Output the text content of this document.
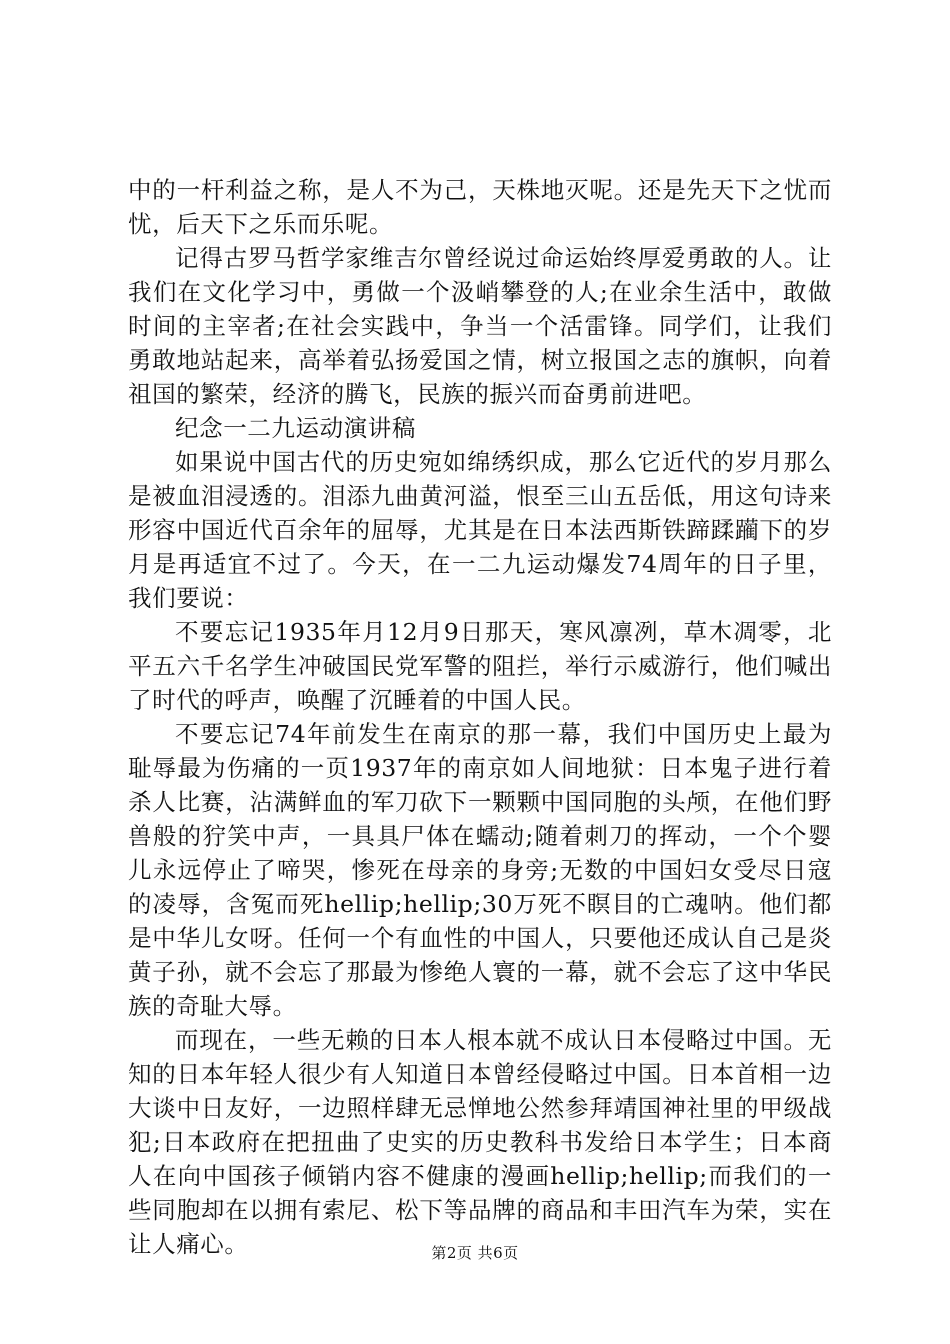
中的一杆利益之称，是人不为己，天株地灭呢。还是先天下之忧而忧，后天下之乐而乐呢。

记得古罗马哲学家维吉尔曾经说过命运始终厚爱勇敢的人。让我们在文化学习中，勇做一个汲峭攀登的人;在业余生活中，敢做时间的主宰者;在社会实践中，争当一个活雷锋。同学们，让我们勇敢地站起来，高举着弘扬爱国之情，树立报国之志的旗帜，向着祖国的繁荣，经济的腾飞，民族的振兴而奋勇前进吧。

纪念一二九运动演讲稿

如果说中国古代的历史宛如绵绣织成，那么它近代的岁月那么是被血泪浸透的。泪添九曲黄河溢，恨至三山五岳低，用这句诗来形容中国近代百余年的屈辱，尤其是在日本法西斯铁蹄蹂躏下的岁月是再适宜不过了。今天，在一二九运动爆发74周年的日子里，我们要说：

不要忘记1935年月12月9日那天，寒风凛冽，草木凋零，北平五六千名学生冲破国民党军警的阻拦，举行示威游行，他们喊出了时代的呼声，唤醒了沉睡着的中国人民。

不要忘记74年前发生在南京的那一幕，我们中国历史上最为耻辱最为伤痛的一页1937年的南京如人间地狱：日本鬼子进行着杀人比赛，沾满鲜血的军刀砍下一颗颗中国同胞的头颅，在他们野兽般的狞笑中声，一具具尸体在蠕动;随着刺刀的挥动，一个个婴儿永远停止了啼哭，惨死在母亲的身旁;无数的中国妇女受尽日寇的凌辱，含冤而死hellip;hellip;30万死不瞑目的亡魂呐。他们都是中华儿女呀。任何一个有血性的中国人，只要他还成认自己是炎黄子孙，就不会忘了那最为惨绝人寰的一幕，就不会忘了这中华民族的奇耻大辱。

而现在，一些无赖的日本人根本就不成认日本侵略过中国。无知的日本年轻人很少有人知道日本曾经侵略过中国。日本首相一边大谈中日友好，一边照样肆无忌惮地公然参拜靖国神社里的甲级战犯;日本政府在把扭曲了史实的历史教科书发给日本学生；日本商人在向中国孩子倾销内容不健康的漫画hellip;hellip;而我们的一些同胞却在以拥有索尼、松下等品牌的商品和丰田汽车为荣，实在让人痛心。	第2页 共6页
